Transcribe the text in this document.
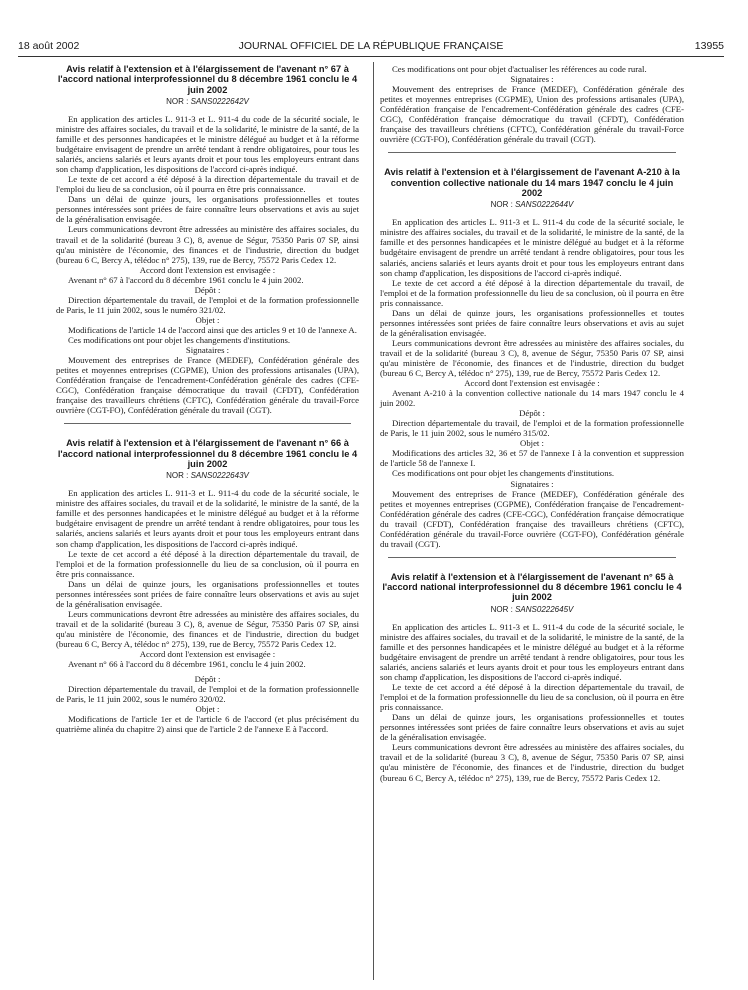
18 août 2002	JOURNAL OFFICIEL DE LA RÉPUBLIQUE FRANÇAISE	13955
Avis relatif à l'extension et à l'élargissement de l'avenant n° 67 à l'accord national interprofessionnel du 8 décembre 1961 conclu le 4 juin 2002
NOR : SANS0222642V

En application des articles L. 911-3 et L. 911-4 du code de la sécurité sociale, le ministre des affaires sociales, du travail et de la solidarité, le ministre de la santé, de la famille et des personnes handicapées et le ministre délégué au budget et à la réforme budgétaire envisagent de prendre un arrêté tendant à rendre obligatoires, pour tous les salariés, anciens salariés et leurs ayants droit et pour tous les employeurs entrant dans son champ d'application, les dispositions de l'accord ci-après indiqué.

Le texte de cet accord a été déposé à la direction départementale du travail et de l'emploi du lieu de sa conclusion, où il pourra en être pris connaissance.

Dans un délai de quinze jours, les organisations professionnelles et toutes personnes intéressées sont priées de faire connaître leurs observations et avis au sujet de la généralisation envisagée.

Leurs communications devront être adressées au ministère des affaires sociales, du travail et de la solidarité (bureau 3 C), 8, avenue de Ségur, 75350 Paris 07 SP, ainsi qu'au ministère de l'économie, des finances et de l'industrie, direction du budget (bureau 6 C, Bercy A, télédoc n° 275), 139, rue de Bercy, 75572 Paris Cedex 12.

Accord dont l'extension est envisagée :

Avenant n° 67 à l'accord du 8 décembre 1961 conclu le 4 juin 2002.

Dépôt :

Direction départementale du travail, de l'emploi et de la formation professionnelle de Paris, le 11 juin 2002, sous le numéro 321/02.

Objet :

Modifications de l'article 14 de l'accord ainsi que des articles 9 et 10 de l'annexe A.

Ces modifications ont pour objet les changements d'institutions.

Signataires :

Mouvement des entreprises de France (MEDEF), Confédération générale des petites et moyennes entreprises (CGPME), Union des professions artisanales (UPA), Confédération française de l'encadrement-Confédération générale des cadres (CFE-CGC), Confédération française démocratique du travail (CFDT), Confédération française des travailleurs chrétiens (CFTC), Confédération générale du travail-Force ouvrière (CGT-FO), Confédération générale du travail (CGT).

Avis relatif à l'extension et à l'élargissement de l'avenant n° 66 à l'accord national interprofessionnel du 8 décembre 1961 conclu le 4 juin 2002
NOR : SANS0222643V

En application des articles L. 911-3 et L. 911-4 du code de la sécurité sociale, le ministre des affaires sociales, du travail et de la solidarité, le ministre de la santé, de la famille et des personnes handicapées et le ministre délégué au budget et à la réforme budgétaire envisagent de prendre un arrêté tendant à rendre obligatoires, pour tous les salariés, anciens salariés et leurs ayants droit et pour tous les employeurs entrant dans son champ d'application, les dispositions de l'accord ci-après indiqué.

Le texte de cet accord a été déposé à la direction départementale du travail, de l'emploi et de la formation professionnelle du lieu de sa conclusion, où il pourra en être pris connaissance.

Dans un délai de quinze jours, les organisations professionnelles et toutes personnes intéressées sont priées de faire connaître leurs observations et avis au sujet de la généralisation envisagée.

Leurs communications devront être adressées au ministère des affaires sociales, du travail et de la solidarité (bureau 3 C), 8, avenue de Ségur, 75350 Paris 07 SP, ainsi qu'au ministère de l'économie, des finances et de l'industrie, direction du budget (bureau 6 C, Bercy A, télédoc n° 275), 139, rue de Bercy, 75572 Paris Cedex 12.

Accord dont l'extension est envisagée :

Avenant n° 66 à l'accord du 8 décembre 1961, conclu le 4 juin 2002.

Dépôt :

Direction départementale du travail, de l'emploi et de la formation professionnelle de Paris, le 11 juin 2002, sous le numéro 320/02.

Objet :

Modifications de l'article 1er et de l'article 6 de l'accord (et plus précisément du quatrième alinéa du chapitre 2) ainsi que de l'article 2 de l'annexe E à l'accord.

Ces modifications ont pour objet d'actualiser les références au code rural.

Signataires :

Mouvement des entreprises de France (MEDEF), Confédération générale des petites et moyennes entreprises (CGPME), Union des professions artisanales (UPA), Confédération française de l'encadrement-Confédération générale des cadres (CFE-CGC), Confédération française démocratique du travail (CFDT), Confédération française des travailleurs chrétiens (CFTC), Confédération générale du travail-Force ouvrière (CGT-FO), Confédération générale du travail (CGT).

Avis relatif à l'extension et à l'élargissement de l'avenant A-210 à la convention collective nationale du 14 mars 1947 conclu le 4 juin 2002
NOR : SANS0222644V

En application des articles L. 911-3 et L. 911-4 du code de la sécurité sociale, le ministre des affaires sociales, du travail et de la solidarité, le ministre de la santé, de la famille et des personnes handicapées et le ministre délégué au budget et à la réforme budgétaire envisagent de prendre un arrêté tendant à rendre obligatoires, pour tous les salariés, anciens salariés et leurs ayants droit et pour tous les employeurs entrant dans son champ d'application, les dispositions de l'accord ci-après indiqué.

Le texte de cet accord a été déposé à la direction départementale du travail, de l'emploi et de la formation professionnelle du lieu de sa conclusion, où il pourra en être pris connaissance.

Dans un délai de quinze jours, les organisations professionnelles et toutes personnes intéressées sont priées de faire connaître leurs observations et avis au sujet de la généralisation envisagée.

Leurs communications devront être adressées au ministère des affaires sociales, du travail et de la solidarité (bureau 3 C), 8, avenue de Ségur, 75350 Paris 07 SP, ainsi qu'au ministère de l'économie, des finances et de l'industrie, direction du budget (bureau 6 C, Bercy A, télédoc n° 275), 139, rue de Bercy, 75572 Paris Cedex 12.

Accord dont l'extension est envisagée :

Avenant A-210 à la convention collective nationale du 14 mars 1947 conclu le 4 juin 2002.

Dépôt :

Direction départementale du travail, de l'emploi et de la formation professionnelle de Paris, le 11 juin 2002, sous le numéro 315/02.

Objet :

Modifications des articles 32, 36 et 57 de l'annexe I à la convention et suppression de l'article 58 de l'annexe I.

Ces modifications ont pour objet les changements d'institutions.

Signataires :

Mouvement des entreprises de France (MEDEF), Confédération générale des petites et moyennes entreprises (CGPME), Confédération française de l'encadrement-Confédération générale des cadres (CFE-CGC), Confédération française démocratique du travail (CFDT), Confédération française des travailleurs chrétiens (CFTC), Confédération générale du travail-Force ouvrière (CGT-FO), Confédération générale du travail (CGT).

Avis relatif à l'extension et à l'élargissement de l'avenant n° 65 à l'accord national interprofessionnel du 8 décembre 1961 conclu le 4 juin 2002
NOR : SANS0222645V

En application des articles L. 911-3 et L. 911-4 du code de la sécurité sociale, le ministre des affaires sociales, du travail et de la solidarité, le ministre de la santé, de la famille et des personnes handicapées et le ministre délégué au budget et à la réforme budgétaire envisagent de prendre un arrêté tendant à rendre obligatoires, pour tous les salariés, anciens salariés et leurs ayants droit et pour tous les employeurs entrant dans son champ d'application, les dispositions de l'accord ci-après indiqué.

Le texte de cet accord a été déposé à la direction départementale du travail, de l'emploi et de la formation professionnelle du lieu de sa conclusion, où il pourra en être pris connaissance.

Dans un délai de quinze jours, les organisations professionnelles et toutes personnes intéressées sont priées de faire connaître leurs observations et avis au sujet de la généralisation envisagée.

Leurs communications devront être adressées au ministère des affaires sociales, du travail et de la solidarité (bureau 3 C), 8, avenue de Ségur, 75350 Paris 07 SP, ainsi qu'au ministère de l'économie, des finances et de l'industrie, direction du budget (bureau 6 C, Bercy A, télédoc n° 275), 139, rue de Bercy, 75572 Paris Cedex 12.
